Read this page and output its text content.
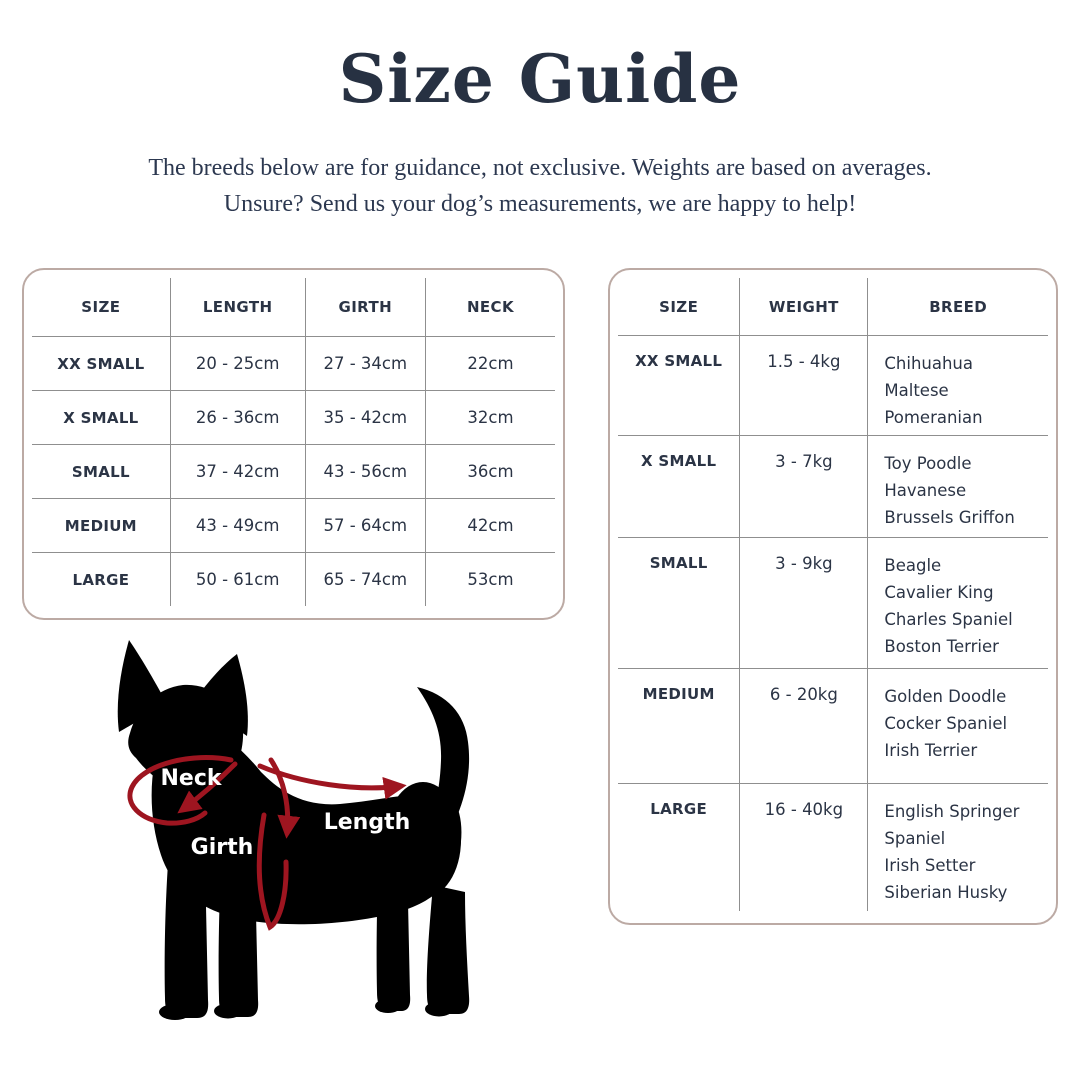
Size Guide
The breeds below are for guidance, not exclusive. Weights are based on averages.
Unsure? Send us your dog’s measurements, we are happy to help!
SIZE	LENGTH	GIRTH	NECK
XX SMALL	20 - 25cm	27 - 34cm	22cm
X SMALL	26 - 36cm	35 - 42cm	32cm
SMALL	37 - 42cm	43 - 56cm	36cm
MEDIUM	43 - 49cm	57 - 64cm	42cm
LARGE	50 - 61cm	65 - 74cm	53cm
SIZE	WEIGHT	BREED
XX SMALL	1.5 - 4kg	Chihuahua
Maltese
Pomeranian
X SMALL	3 - 7kg	Toy Poodle
Havanese
Brussels Griffon
SMALL	3 - 9kg	Beagle
Cavalier King
Charles Spaniel
Boston Terrier
MEDIUM	6 - 20kg	Golden Doodle
Cocker Spaniel
Irish Terrier
LARGE	16 - 40kg	English Springer
Spaniel
Irish Setter
Siberian Husky
Neck
Girth
Length
